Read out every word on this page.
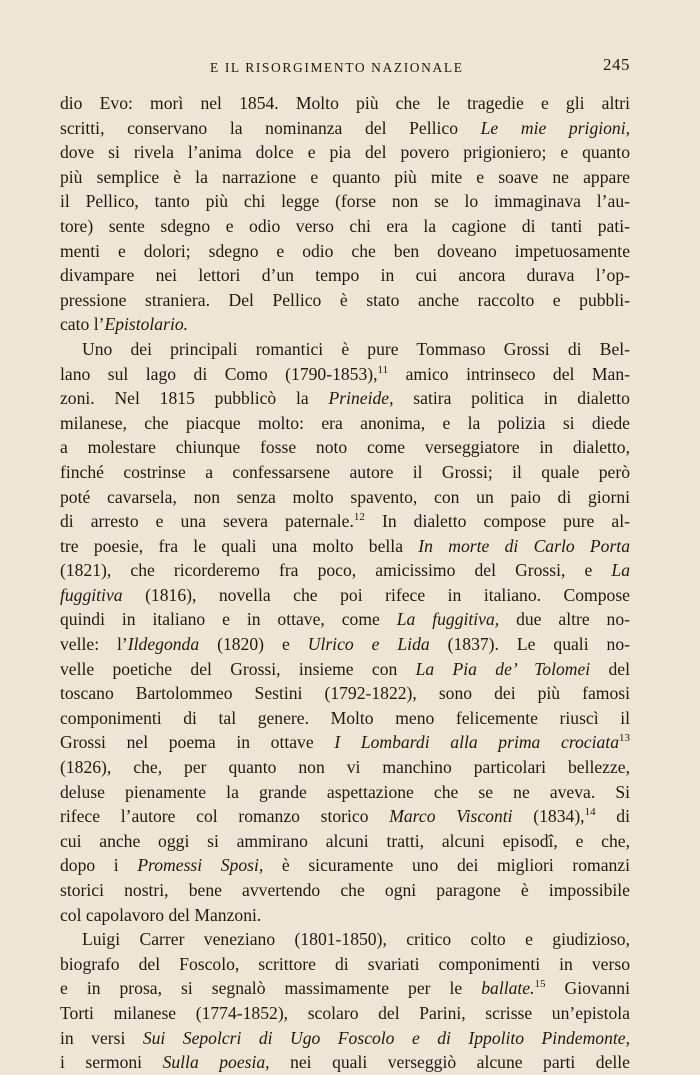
E IL RISORGIMENTO NAZIONALE	245
dio Evo: morì nel 1854. Molto più che le tragedie e gli altri
scritti, conservano la nominanza del Pellico Le mie prigioni,
dove si rivela l’anima dolce e pia del povero prigioniero; e quanto
più semplice è la narrazione e quanto più mite e soave ne appare
il Pellico, tanto più chi legge (forse non se lo immaginava l’au-
tore) sente sdegno e odio verso chi era la cagione di tanti pati-
menti e dolori; sdegno e odio che ben doveano impetuosamente
divampare nei lettori d’un tempo in cui ancora durava l’op-
pressione straniera. Del Pellico è stato anche raccolto e pubbli-
cato l’Epistolario.
Uno dei principali romantici è pure Tommaso Grossi di Bel-
lano sul lago di Como (1790-1853),$^{11}$ amico intrinseco del Man-
zoni. Nel 1815 pubblicò la Prineide, satira politica in dialetto
milanese, che piacque molto: era anonima, e la polizia si diede
a molestare chiunque fosse noto come verseggiatore in dialetto,
finché costrinse a confessarsene autore il Grossi; il quale però
poté cavarsela, non senza molto spavento, con un paio di giorni
di arresto e una severa paternale.$^{12}$ In dialetto compose pure al-
tre poesie, fra le quali una molto bella In morte di Carlo Porta
(1821), che ricorderemo fra poco, amicissimo del Grossi, e La
fuggitiva (1816), novella che poi rifece in italiano. Compose
quindi in italiano e in ottave, come La fuggitiva, due altre no-
velle: l’Ildegonda (1820) e Ulrico e Lida (1837). Le quali no-
velle poetiche del Grossi, insieme con La Pia de’ Tolomei del
toscano Bartolommeo Sestini (1792-1822), sono dei più famosi
componimenti di tal genere. Molto meno felicemente riuscì il
Grossi nel poema in ottave I Lombardi alla prima crociata$^{13}$
(1826), che, per quanto non vi manchino particolari bellezze,
deluse pienamente la grande aspettazione che se ne aveva. Si
rifece l’autore col romanzo storico Marco Visconti (1834),$^{14}$ di
cui anche oggi si ammirano alcuni tratti, alcuni episodî, e che,
dopo i Promessi Sposi, è sicuramente uno dei migliori romanzi
storici nostri, bene avvertendo che ogni paragone è impossibile
col capolavoro del Manzoni.
Luigi Carrer veneziano (1801-1850), critico colto e giudizioso,
biografo del Foscolo, scrittore di svariati componimenti in verso
e in prosa, si segnalò massimamente per le ballate.$^{15}$ Giovanni
Torti milanese (1774-1852), scolaro del Parini, scrisse un’epistola
in versi Sui Sepolcri di Ugo Foscolo e di Ippolito Pindemonte,
i sermoni Sulla poesia, nei quali verseggiò alcune parti delle
